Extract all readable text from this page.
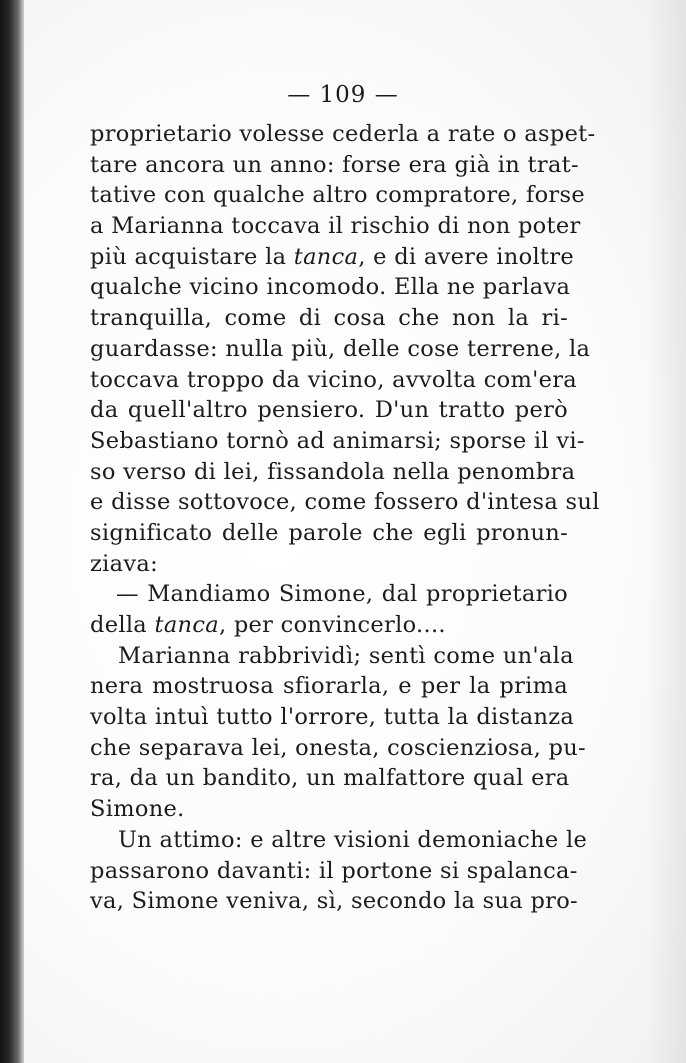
— 109 —
proprietario volesse cederla a rate o aspet-
tare ancora un anno: forse era già in trat-
tative con qualche altro compratore, forse
a Marianna toccava il rischio di non poter
più acquistare la tanca, e di avere inoltre
qualche vicino incomodo. Ella ne parlava
tranquilla, come di cosa che non la ri-
guardasse: nulla più, delle cose terrene, la
toccava troppo da vicino, avvolta com'era
da quell'altro pensiero. D'un tratto però
Sebastiano tornò ad animarsi; sporse il vi-
so verso di lei, fissandola nella penombra
e disse sottovoce, come fossero d'intesa sul
significato delle parole che egli pronun-
ziava:
— Mandiamo Simone, dal proprietario
della tanca, per convincerlo....
Marianna rabbrividì; sentì come un'ala
nera mostruosa sfiorarla, e per la prima
volta intuì tutto l'orrore, tutta la distanza
che separava lei, onesta, coscienziosa, pu-
ra, da un bandito, un malfattore qual era
Simone.
Un attimo: e altre visioni demoniache le
passarono davanti: il portone si spalanca-
va, Simone veniva, sì, secondo la sua pro-
